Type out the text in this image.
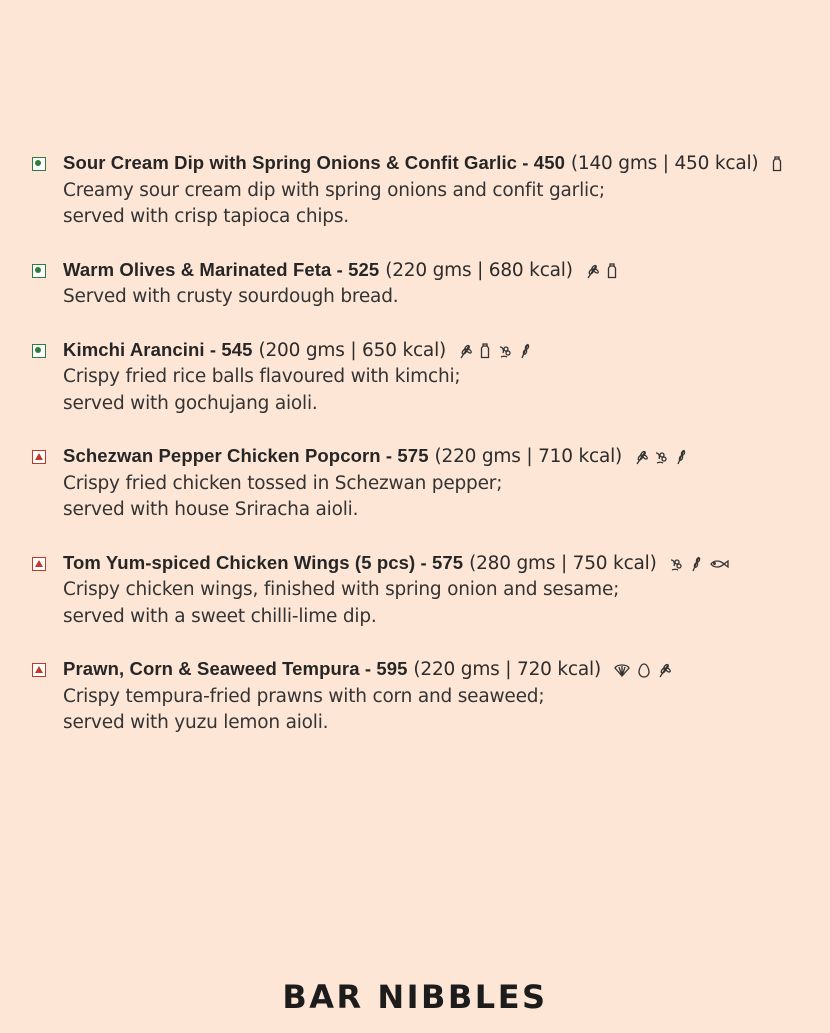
Sour Cream Dip with Spring Onions & Confit Garlic - 450 (140 gms | 450 kcal)
Creamy sour cream dip with spring onions and confit garlic;
served with crisp tapioca chips.
Warm Olives & Marinated Feta - 525 (220 gms | 680 kcal)
Served with crusty sourdough bread.
Kimchi Arancini - 545 (200 gms | 650 kcal)
Crispy fried rice balls flavoured with kimchi;
served with gochujang aioli.
Schezwan Pepper Chicken Popcorn - 575 (220 gms | 710 kcal)
Crispy fried chicken tossed in Schezwan pepper;
served with house Sriracha aioli.
Tom Yum-spiced Chicken Wings (5 pcs) - 575 (280 gms | 750 kcal)
Crispy chicken wings, finished with spring onion and sesame;
served with a sweet chilli-lime dip.
Prawn, Corn & Seaweed Tempura - 595 (220 gms | 720 kcal)
Crispy tempura-fried prawns with corn and seaweed;
served with yuzu lemon aioli.
BAR NIBBLES
